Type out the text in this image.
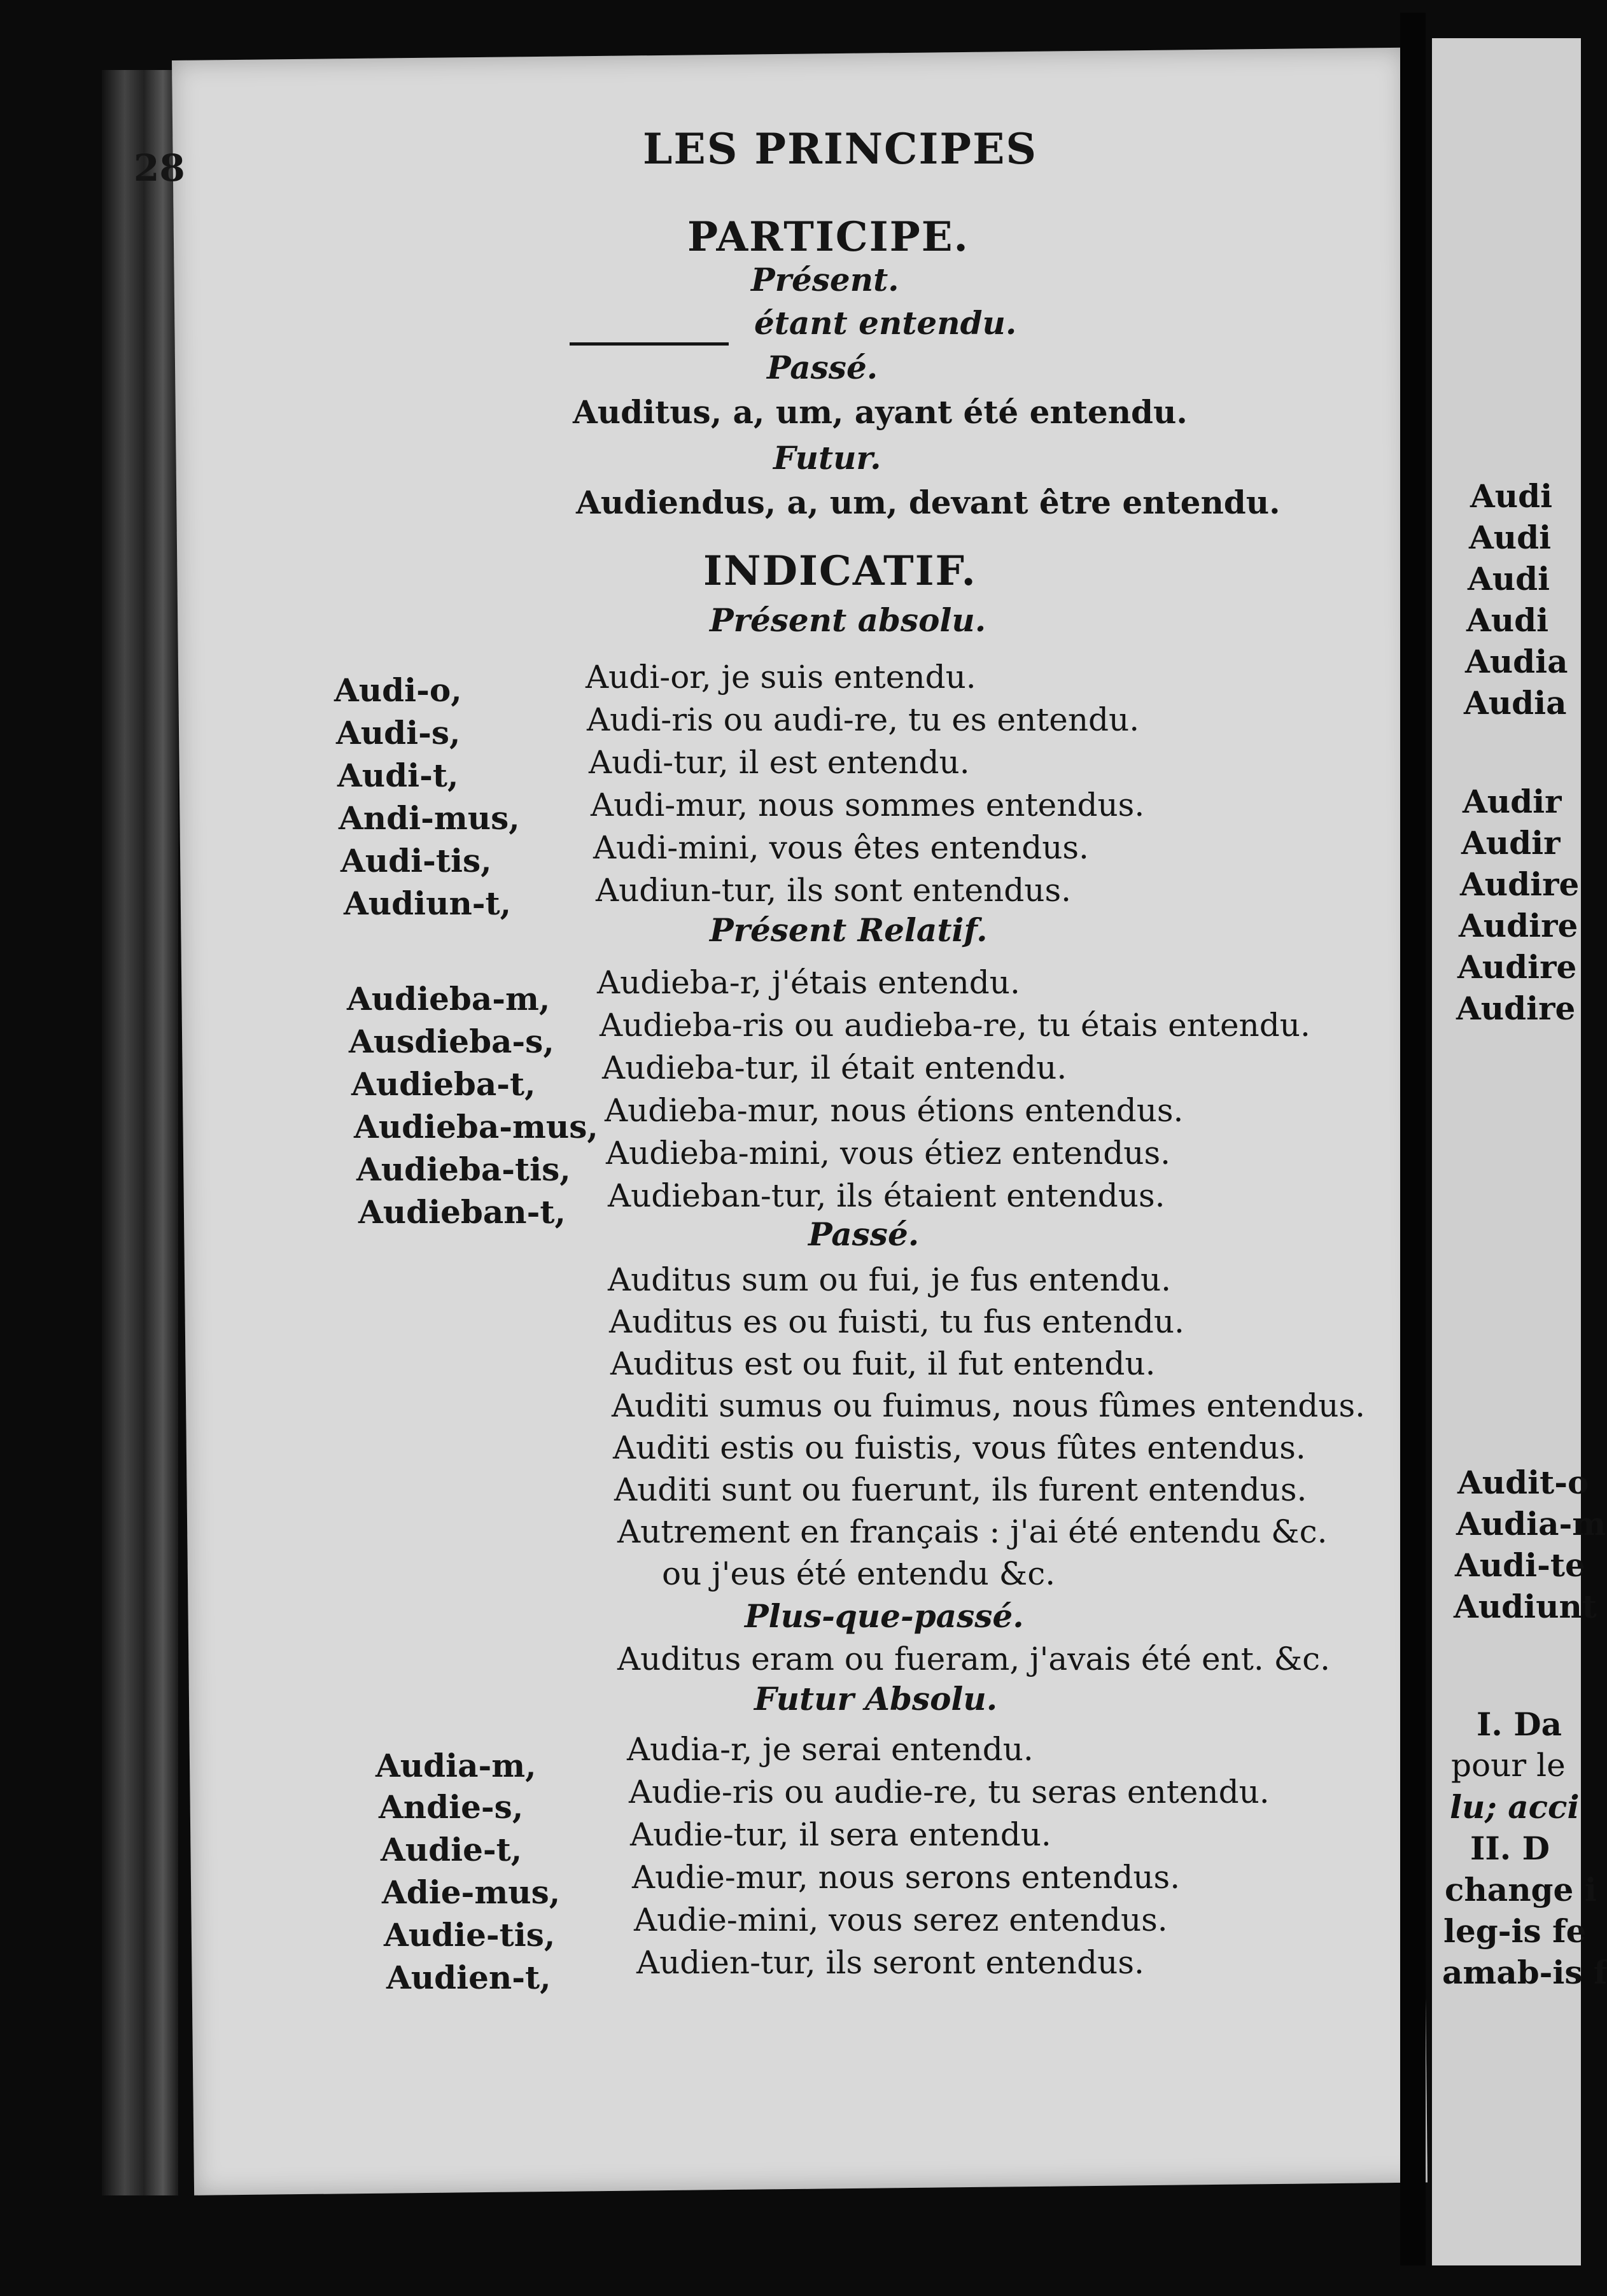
Audi
Audi
Audi
Audi
Audia
Audia
Audir
Audir
Audire
Audire
Audire
Audire
Audit-o
Audia-m
Audi-te
Audiunt
I. Da
pour le
lu; acci
II. D
change i
leg-is fe
amab-is f
28	LES PRINCIPES
PARTICIPE.
Présent.
étant entendu.
Passé.
Auditus, a, um, ayant été entendu.
Futur.
Audiendus, a, um, devant être entendu.
INDICATIF.
Présent absolu.
Audi-o,	Audi-or, je suis entendu.
Audi-s,	Audi-ris ou audi-re, tu es entendu.
Audi-t,	Audi-tur, il est entendu.
Andi-mus, Audi-mur, nous sommes entendus.
Audi-tis,	Audi-mini, vous êtes entendus.
Audiun-t,	Audiun-tur, ils sont entendus.
Présent Relatif.
Audieba-m, Audieba-r, j'étais entendu.
Ausdieba-s, Audieba-ris ou audieba-re, tu étais entendu.
Audieba-t, Audieba-tur, il était entendu.
Audieba-mus, Audieba-mur, nous étions entendus.
Audieba-tis, Audieba-mini, vous étiez entendus.
Audieban-t, Audieban-tur, ils étaient entendus.
Passé.
Auditus sum ou fui, je fus entendu.
Auditus es ou fuisti, tu fus entendu.
Auditus est ou fuit, il fut entendu.
Auditi sumus ou fuimus, nous fûmes entendus.
Auditi estis ou fuistis, vous fûtes entendus.
Auditi sunt ou fuerunt, ils furent entendus.
Autrement en français : j'ai été entendu &c.
ou j'eus été entendu &c.
Plus-que-passé.
Auditus eram ou fueram, j'avais été ent. &c.
Futur Absolu.
Audia-m,	Audia-r, je serai entendu.
Andie-s,	Audie-ris ou audie-re, tu seras entendu.
Audie-t,	Audie-tur, il sera entendu.
Adie-mus, Audie-mur, nous serons entendus.
Audie-tis, Audie-mini, vous serez entendus.
Audien-t,	Audien-tur, ils seront entendus.
